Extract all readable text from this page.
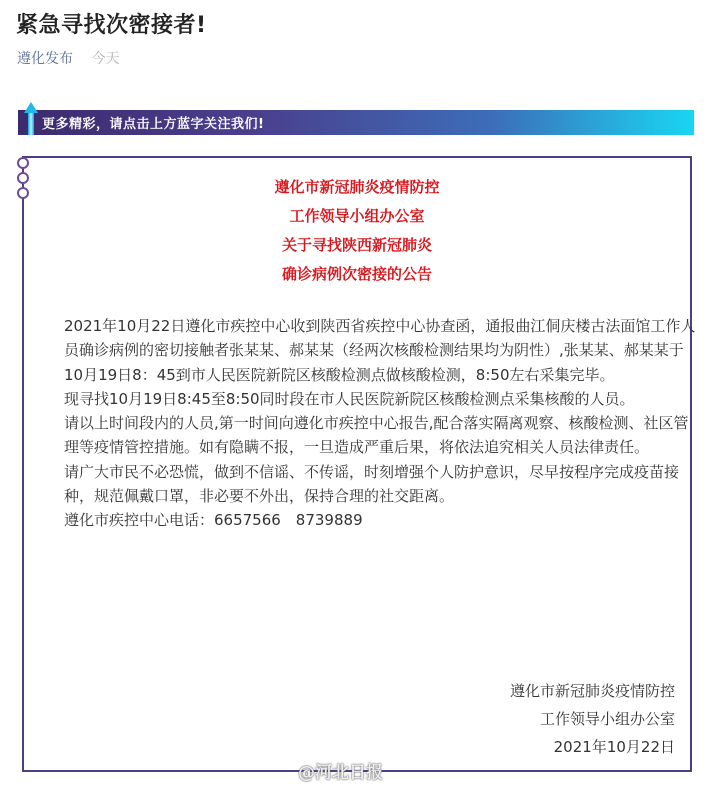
紧急寻找次密接者!
遵化发布 今天
更多精彩，请点击上方蓝字关注我们!
遵化市新冠肺炎疫情防控
工作领导小组办公室
关于寻找陕西新冠肺炎
确诊病例次密接的公告

2021年10月22日遵化市疾控中心收到陕西省疾控中心协查函，通报曲江侗庆楼古法面馆工作人员确诊病例的密切接触者张某某、郝某某（经两次核酸检测结果均为阴性）,张某某、郝某某于10月19日8：45到市人民医院新院区核酸检测点做核酸检测，8:50左右采集完毕。

现寻找10月19日8:45至8:50同时段在市人民医院新院区核酸检测点采集核酸的人员。

请以上时间段内的人员,第一时间向遵化市疾控中心报告,配合落实隔离观察、核酸检测、社区管理等疫情管控措施。如有隐瞒不报，一旦造成严重后果，将依法追究相关人员法律责任。

请广大市民不必恐慌，做到不信谣、不传谣，时刻增强个人防护意识，尽早按程序完成疫苗接种，规范佩戴口罩，非必要不外出，保持合理的社交距离。

遵化市疾控中心电话：6657566　8739889

遵化市新冠肺炎疫情防控
工作领导小组办公室
2021年10月22日
@河北日报
